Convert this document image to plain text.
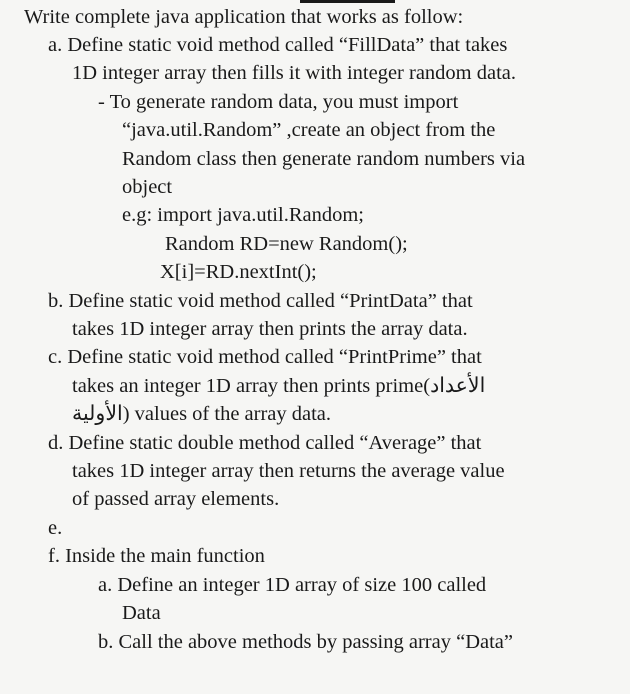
Write complete java application that works as follow:
a. Define static void method called “FillData” that takes
1D integer array then fills it with integer random data.
- To generate random data, you must import
“java.util.Random” ,create an object from the
Random class then generate random numbers via
object
e.g: import java.util.Random;
Random RD=new Random();
X[i]=RD.nextInt();
b. Define static void method called “PrintData” that
takes 1D integer array then prints the array data.
c. Define static void method called “PrintPrime” that
takes an integer 1D array then prints prime(الأعداد
الأولية) values of the array data.
d. Define static double method called “Average” that
takes 1D integer array then returns the average value
of passed array elements.
e.
f. Inside the main function
a. Define an integer 1D array of size 100 called
Data
b. Call the above methods by passing array “Data”
